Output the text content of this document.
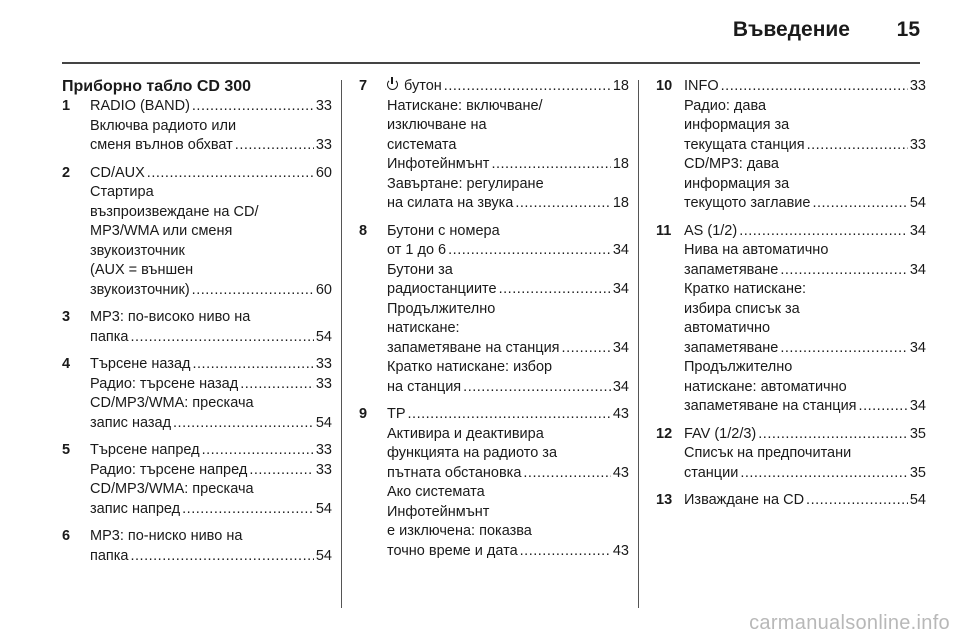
Въведение	15
Приборно табло CD 300
1	RADIO (BAND) .....	33
Включва радиото или
сменя вълнов обхват .....	33
2	CD/AUX .....	60
Стартира
възпроизвеждане на CD/
MP3/WMA или сменя
звукоизточник
(AUX = външен
звукоизточник) .....	60
3	MP3: по-високо ниво на
папка .....	54
4	Търсене назад .....	33
Радио: търсене назад .....	33
CD/MP3/WMA: прескача
запис назад .....	54
5	Търсене напред .....	33
Радио: търсене напред .....	33
CD/MP3/WMA: прескача
запис напред .....	54
6	MP3: по-ниско ниво на
папка .....	54
7	бутон .....	18
Натискане: включване/
изключване на
системата
Инфотейнмънт .....	18
Завъртане: регулиране
на силата на звука .....	18
8	Бутони с номера
от 1 до 6 .....	34
Бутони за
радиостанциите .....	34
Продължително
натискане:
запаметяване на станция .....	34
Кратко натискане: избор
на станция .....	34
9	TP .....	43
Активира и деактивира
функцията на радиото за
пътната обстановка .....	43
Ако системата
Инфотейнмънт
е изключена: показва
точно време и дата .....	43
10 INFO .....	33
Радио: дава
информация за
текущата станция .....	33
CD/MP3: дава
информация за
текущото заглавие .....	54
11 AS (1/2) .....	34
Нива на автоматично
запаметяване .....	34
Кратко натискане:
избира списък за
автоматично
запаметяване .....	34
Продължително
натискане: автоматично
запаметяване на станция .....	34
12 FAV (1/2/3) .....	35
Списък на предпочитани
станции .....	35
13 Изваждане на CD .....	54
carmanualsonline.info
